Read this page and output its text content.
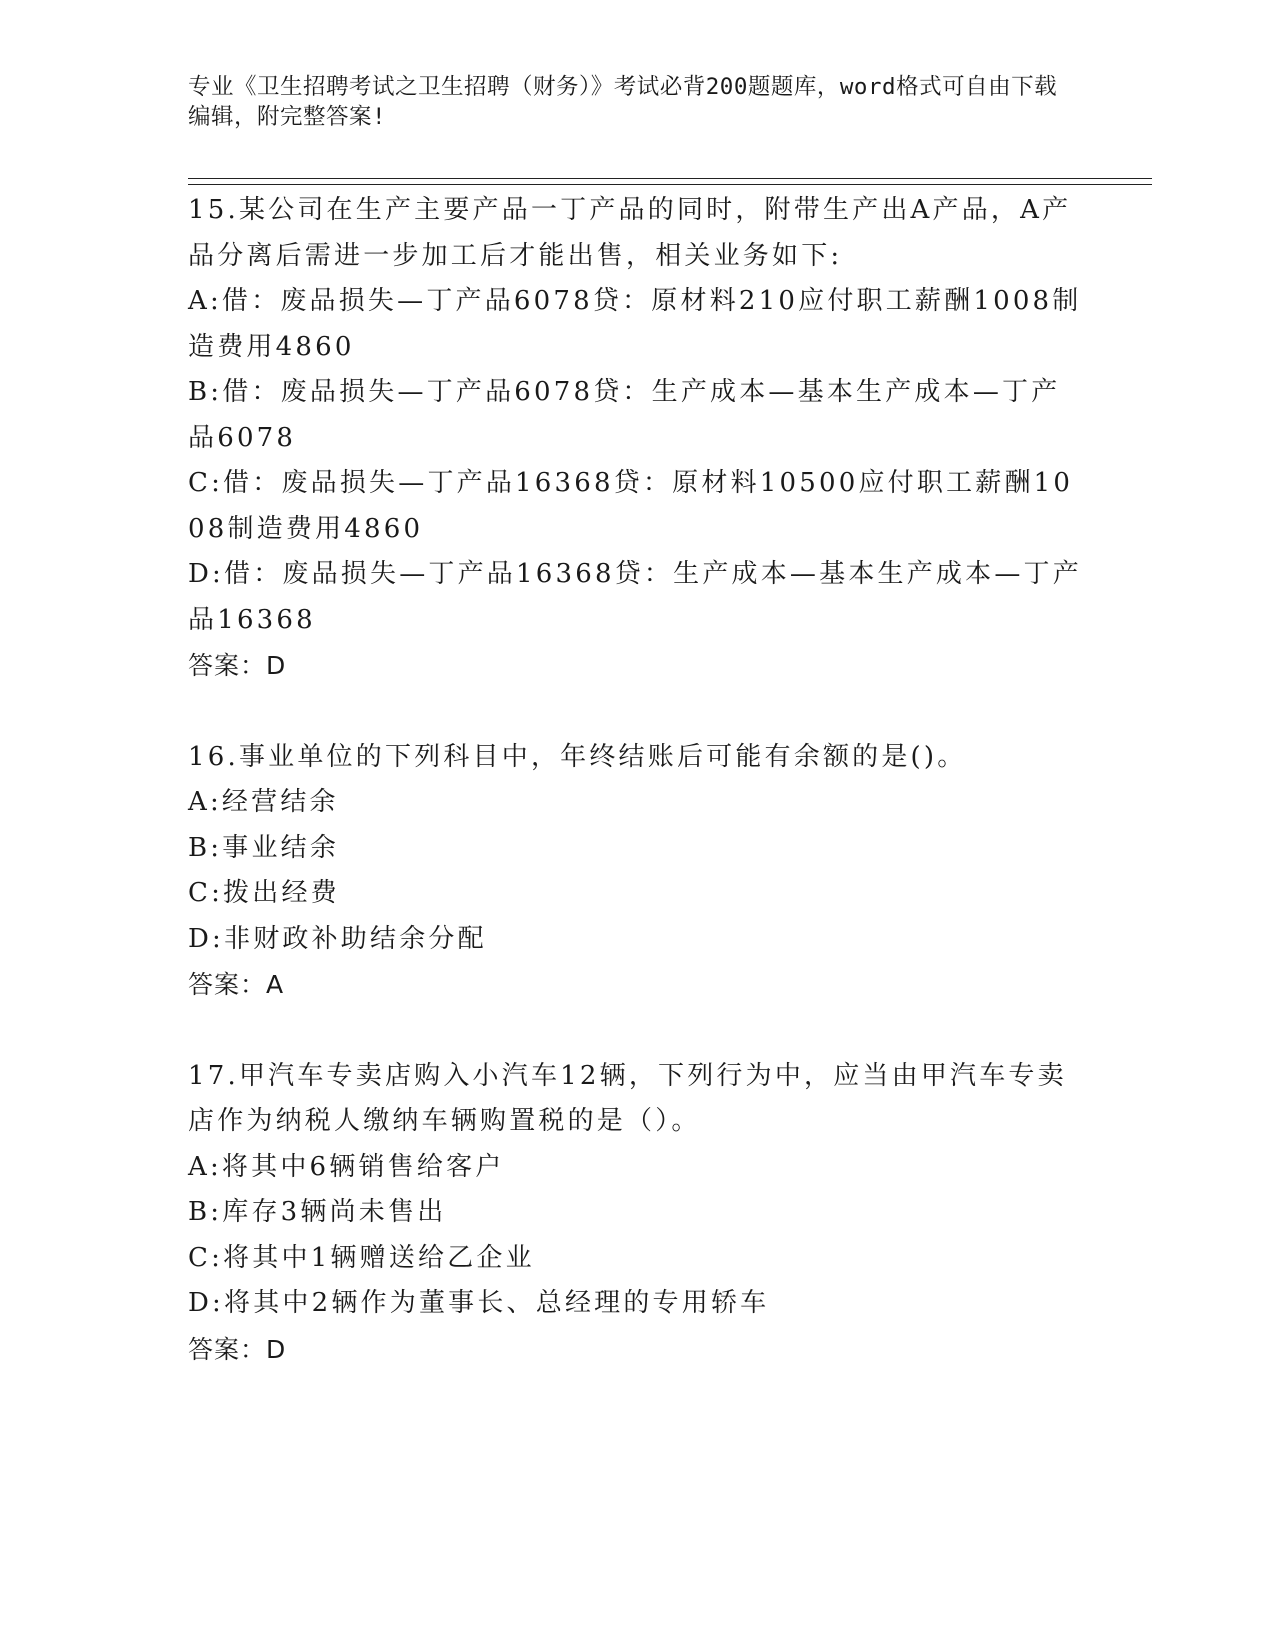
专业《卫生招聘考试之卫生招聘（财务）》考试必背200题题库，word格式可自由下载编辑，附完整答案!
15.某公司在生产主要产品一丁产品的同时，附带生产出A产品，A产品分离后需进一步加工后才能出售，相关业务如下:
A:借：废品损失—丁产品6078贷：原材料210应付职工薪酬1008制造费用4860
B:借：废品损失—丁产品6078贷：生产成本—基本生产成本—丁产品6078
C:借：废品损失—丁产品16368贷：原材料10500应付职工薪酬1008制造费用4860
D:借：废品损失—丁产品16368贷：生产成本—基本生产成本—丁产品16368
答案：D
16.事业单位的下列科目中，年终结账后可能有余额的是()。
A:经营结余
B:事业结余
C:拨出经费
D:非财政补助结余分配
答案：A
17.甲汽车专卖店购入小汽车12辆，下列行为中，应当由甲汽车专卖店作为纳税人缴纳车辆购置税的是（）。
A:将其中6辆销售给客户
B:库存3辆尚未售出
C:将其中1辆赠送给乙企业
D:将其中2辆作为董事长、总经理的专用轿车
答案：D
